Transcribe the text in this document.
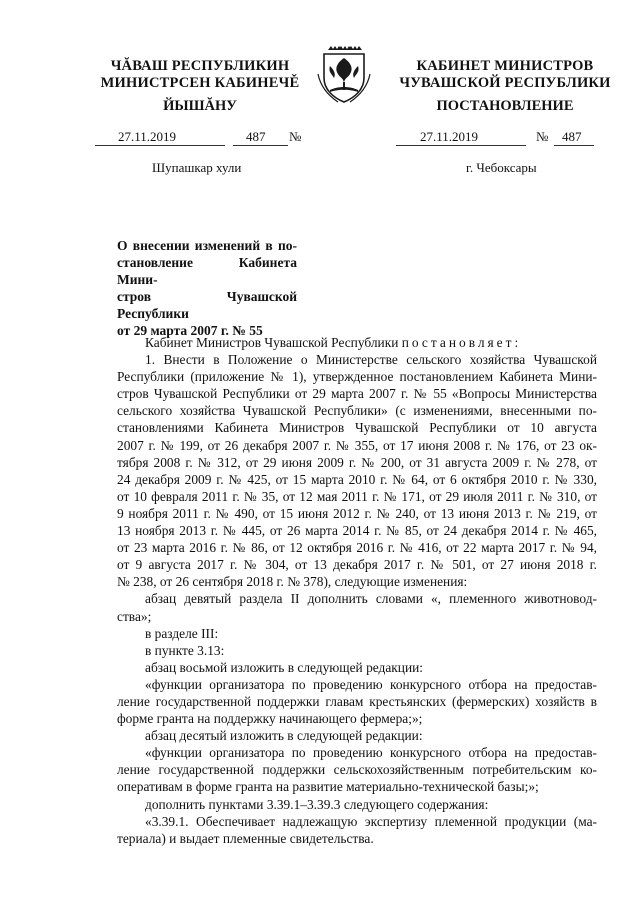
ЧĂВАШ РЕСПУБЛИКИН
МИНИСТРСЕН КАБИНЕЧĚ
ЙЫШĂНУ
КАБИНЕТ МИНИСТРОВ
ЧУВАШСКОЙ РЕСПУБЛИКИ
ПОСТАНОВЛЕНИЕ
27.11.2019	487 №	27.11.2019	№ 487
Шупашкар хули	г. Чебоксары
О внесении изменений в по-
становление Кабинета Мини-
стров Чувашской Республики
от 29 марта 2007 г. № 55

Кабинет Министров Чувашской Республики постановляет:

1. Внести в Положение о Министерстве сельского хозяйства Чувашской

Республики (приложение № 1), утвержденное постановлением Кабинета Мини-

стров Чувашской Республики от 29 марта 2007 г. № 55 «Вопросы Министерства

сельского хозяйства Чувашской Республики» (с изменениями, внесенными по-

становлениями Кабинета Министров Чувашской Республики от 10 августа

2007 г. № 199, от 26 декабря 2007 г. № 355, от 17 июня 2008 г. № 176, от 23 ок-

тября 2008 г. № 312, от 29 июня 2009 г. № 200, от 31 августа 2009 г. № 278, от

24 декабря 2009 г. № 425, от 15 марта 2010 г. № 64, от 6 октября 2010 г. № 330,

от 10 февраля 2011 г. № 35, от 12 мая 2011 г. № 171, от 29 июля 2011 г. № 310, от

9 ноября 2011 г. № 490, от 15 июня 2012 г. № 240, от 13 июня 2013 г. № 219, от

13 ноября 2013 г. № 445, от 26 марта 2014 г. № 85, от 24 декабря 2014 г. № 465,

от 23 марта 2016 г. № 86, от 12 октября 2016 г. № 416, от 22 марта 2017 г. № 94,

от 9 августа 2017 г. № 304, от 13 декабря 2017 г. № 501, от 27 июня 2018 г.

№ 238, от 26 сентября 2018 г. № 378), следующие изменения:

абзац девятый раздела II дополнить словами «, племенного животновод-

ства»;

в разделе III:

в пункте 3.13:

абзац восьмой изложить в следующей редакции:

«функции организатора по проведению конкурсного отбора на предостав-

ление государственной поддержки главам крестьянских (фермерских) хозяйств в

форме гранта на поддержку начинающего фермера;»;

абзац десятый изложить в следующей редакции:

«функции организатора по проведению конкурсного отбора на предостав-

ление государственной поддержки сельскохозяйственным потребительским ко-

оперативам в форме гранта на развитие материально-технической базы;»;

дополнить пунктами 3.39.1–3.39.3 следующего содержания:

«3.39.1. Обеспечивает надлежащую экспертизу племенной продукции (ма-

териала) и выдает племенные свидетельства.
